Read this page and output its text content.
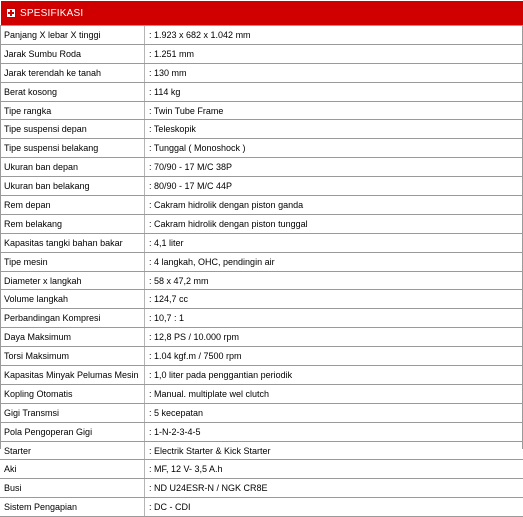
SPESIFIKASI
Panjang X lebar X tinggi	: 1.923 x 682 x 1.042 mm
Jarak Sumbu Roda	: 1.251 mm
Jarak terendah ke tanah	: 130 mm
Berat kosong	: 114 kg
Tipe rangka	: Twin Tube Frame
Tipe suspensi depan	: Teleskopik
Tipe suspensi belakang	: Tunggal ( Monoshock )
Ukuran ban depan	: 70/90 - 17 M/C 38P
Ukuran ban belakang	: 80/90 - 17 M/C 44P
Rem depan	: Cakram hidrolik dengan piston ganda
Rem belakang	: Cakram hidrolik dengan piston tunggal
Kapasitas tangki bahan bakar	: 4,1 liter
Tipe mesin	: 4 langkah, OHC, pendingin air
Diameter x langkah	: 58 x 47,2 mm
Volume langkah	: 124,7 cc
Perbandingan Kompresi	: 10,7 : 1
Daya Maksimum	: 12,8 PS / 10.000 rpm
Torsi Maksimum	: 1.04 kgf.m / 7500 rpm
Kapasitas Minyak Pelumas Mesin	: 1,0 liter pada penggantian periodik
Kopling Otomatis	: Manual. multiplate wel clutch
Gigi Transmsi	: 5 kecepatan
Pola Pengoperan Gigi	: 1-N-2-3-4-5
Starter	: Electrik Starter & Kick Starter
Aki	: MF, 12 V- 3,5 A.h
Busi	: ND U24ESR-N / NGK CR8E
Sistem Pengapian	: DC - CDI
